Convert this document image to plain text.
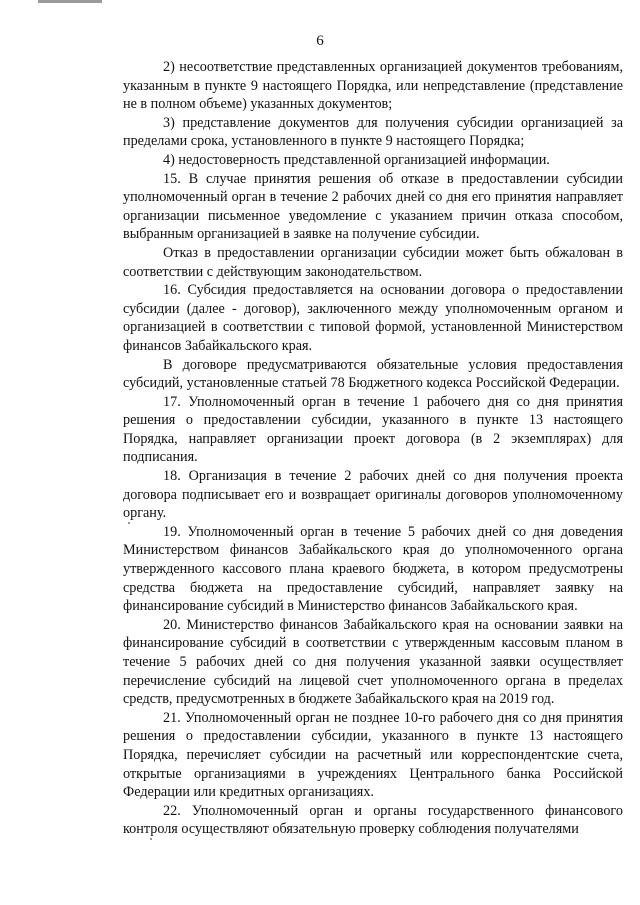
6

2) несоответствие представленных организацией документов требованиям, указанным в пункте 9 настоящего Порядка, или непредставление (представление не в полном объеме) указанных документов;

3) представление документов для получения субсидии организацией за пределами срока, установленного в пункте 9 настоящего Порядка;

4) недостоверность представленной организацией информации.

15. В случае принятия решения об отказе в предоставлении субсидии уполномоченный орган в течение 2 рабочих дней со дня его принятия направляет организации письменное уведомление с указанием причин отказа способом, выбранным организацией в заявке на получение субсидии.

Отказ в предоставлении организации субсидии может быть обжалован в соответствии с действующим законодательством.

16. Субсидия предоставляется на основании договора о предоставлении субсидии (далее - договор), заключенного между уполномоченным органом и организацией в соответствии с типовой формой, установленной Министерством финансов Забайкальского края.

В договоре предусматриваются обязательные условия предоставления субсидий, установленные статьей 78 Бюджетного кодекса Российской Федерации.

17. Уполномоченный орган в течение 1 рабочего дня со дня принятия решения о предоставлении субсидии, указанного в пункте 13 настоящего Порядка, направляет организации проект договора (в 2 экземплярах) для подписания.

18. Организация в течение 2 рабочих дней со дня получения проекта договора подписывает его и возвращает оригиналы договоров уполномоченному органу.

19. Уполномоченный орган в течение 5 рабочих дней со дня доведения Министерством финансов Забайкальского края до уполномоченного органа утвержденного кассового плана краевого бюджета, в котором предусмотрены средства бюджета на предоставление субсидий, направляет заявку на финансирование субсидий в Министерство финансов Забайкальского края.

20. Министерство финансов Забайкальского края на основании заявки на финансирование субсидий в соответствии с утвержденным кассовым планом в течение 5 рабочих дней со дня получения указанной заявки осуществляет перечисление субсидий на лицевой счет уполномоченного органа в пределах средств, предусмотренных в бюджете Забайкальского края на 2019 год.

21. Уполномоченный орган не позднее 10-го рабочего дня со дня принятия решения о предоставлении субсидии, указанного в пункте 13 настоящего Порядка, перечисляет субсидии на расчетный или корреспондентские счета, открытые организациями в учреждениях Центрального банка Российской Федерации или кредитных организациях.

22. Уполномоченный орган и органы государственного финансового контроля осуществляют обязательную проверку соблюдения получателями
